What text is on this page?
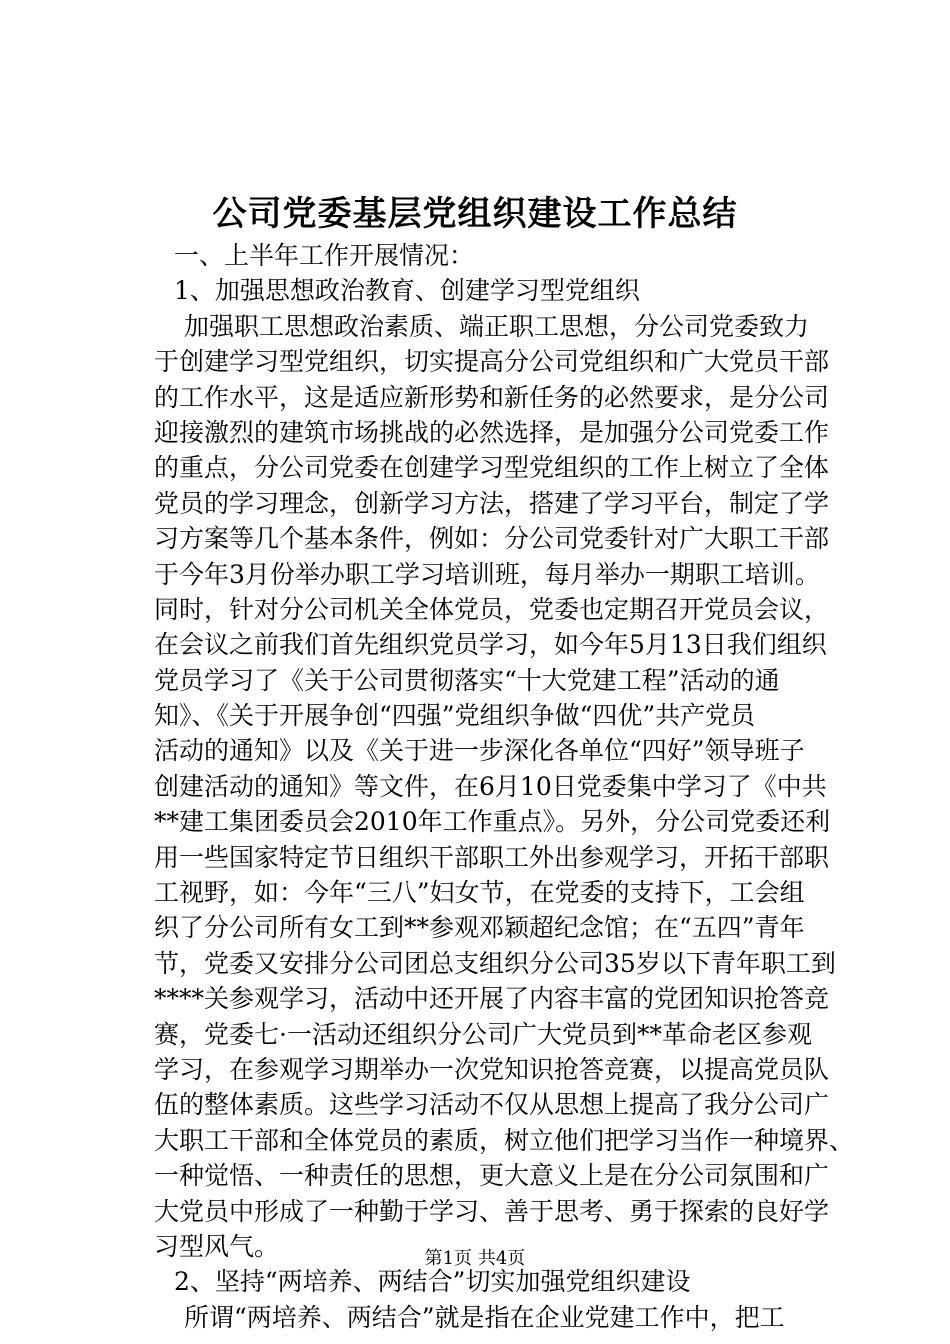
公司党委基层党组织建设工作总结
一、上半年工作开展情况：
1、加强思想政治教育、创建学习型党组织
加强职工思想政治素质、端正职工思想，分公司党委致力
于创建学习型党组织，切实提高分公司党组织和广大党员干部
的工作水平，这是适应新形势和新任务的必然要求，是分公司
迎接激烈的建筑市场挑战的必然选择，是加强分公司党委工作
的重点，分公司党委在创建学习型党组织的工作上树立了全体
党员的学习理念，创新学习方法，搭建了学习平台，制定了学
习方案等几个基本条件，例如：分公司党委针对广大职工干部
于今年3月份举办职工学习培训班，每月举办一期职工培训。
同时，针对分公司机关全体党员，党委也定期召开党员会议，
在会议之前我们首先组织党员学习，如今年5月13日我们组织
党员学习了《关于公司贯彻落实“十大党建工程”活动的通
知》、《关于开展争创“四强”党组织争做“四优”共产党员
活动的通知》以及《关于进一步深化各单位“四好”领导班子
创建活动的通知》等文件，在6月10日党委集中学习了《中共
**建工集团委员会2010年工作重点》。另外，分公司党委还利
用一些国家特定节日组织干部职工外出参观学习，开拓干部职
工视野，如：今年“三八”妇女节，在党委的支持下，工会组
织了分公司所有女工到**参观邓颖超纪念馆；在“五四”青年
节，党委又安排分公司团总支组织分公司35岁以下青年职工到
****关参观学习，活动中还开展了内容丰富的党团知识抢答竞
赛，党委七·一活动还组织分公司广大党员到**革命老区参观
学习，在参观学习期举办一次党知识抢答竞赛，以提高党员队
伍的整体素质。这些学习活动不仅从思想上提高了我分公司广
大职工干部和全体党员的素质，树立他们把学习当作一种境界、
一种觉悟、一种责任的思想，更大意义上是在分公司氛围和广
大党员中形成了一种勤于学习、善于思考、勇于探索的良好学
习型风气。
2、坚持“两培养、两结合”切实加强党组织建设
所谓“两培养、两结合”就是指在企业党建工作中，把工
第1页 共4页
